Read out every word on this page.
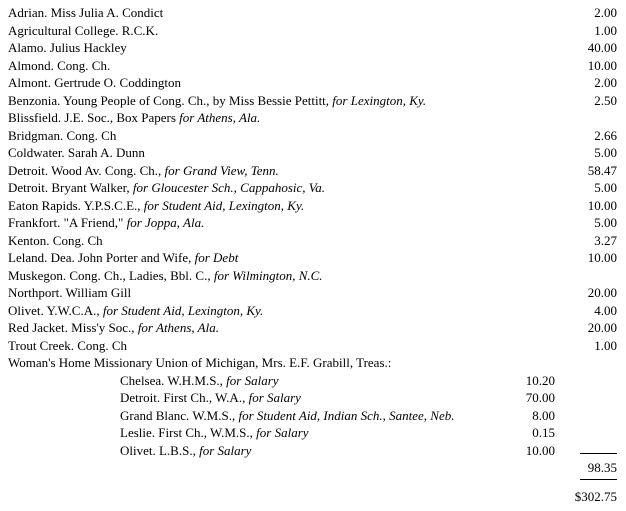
Adrian. Miss Julia A. Condict	2.00
Agricultural College. R.C.K.	1.00
Alamo. Julius Hackley	40.00
Almond. Cong. Ch.	10.00
Almont. Gertrude O. Coddington	2.00
Benzonia. Young People of Cong. Ch., by Miss Bessie Pettitt, for Lexington, Ky.	2.50
Blissfield. J.E. Soc., Box Papers for Athens, Ala.
Bridgman. Cong. Ch	2.66
Coldwater. Sarah A. Dunn	5.00
Detroit. Wood Av. Cong. Ch., for Grand View, Tenn.	58.47
Detroit. Bryant Walker, for Gloucester Sch., Cappahosic, Va.	5.00
Eaton Rapids. Y.P.S.C.E., for Student Aid, Lexington, Ky.	10.00
Frankfort. "A Friend," for Joppa, Ala.	5.00
Kenton. Cong. Ch	3.27
Leland. Dea. John Porter and Wife, for Debt	10.00
Muskegon. Cong. Ch., Ladies, Bbl. C., for Wilmington, N.C.
Northport. William Gill	20.00
Olivet. Y.W.C.A., for Student Aid, Lexington, Ky.	4.00
Red Jacket. Miss'y Soc., for Athens, Ala.	20.00
Trout Creek. Cong. Ch	1.00
Woman's Home Missionary Union of Michigan, Mrs. E.F. Grabill, Treas.:
Chelsea. W.H.M.S., for Salary	10.20
Detroit. First Ch., W.A., for Salary	70.00
Grand Blanc. W.M.S., for Student Aid, Indian Sch., Santee, Neb.	8.00
Leslie. First Ch., W.M.S., for Salary	0.15
Olivet. L.B.S., for Salary	10.00
98.35
$302.75
